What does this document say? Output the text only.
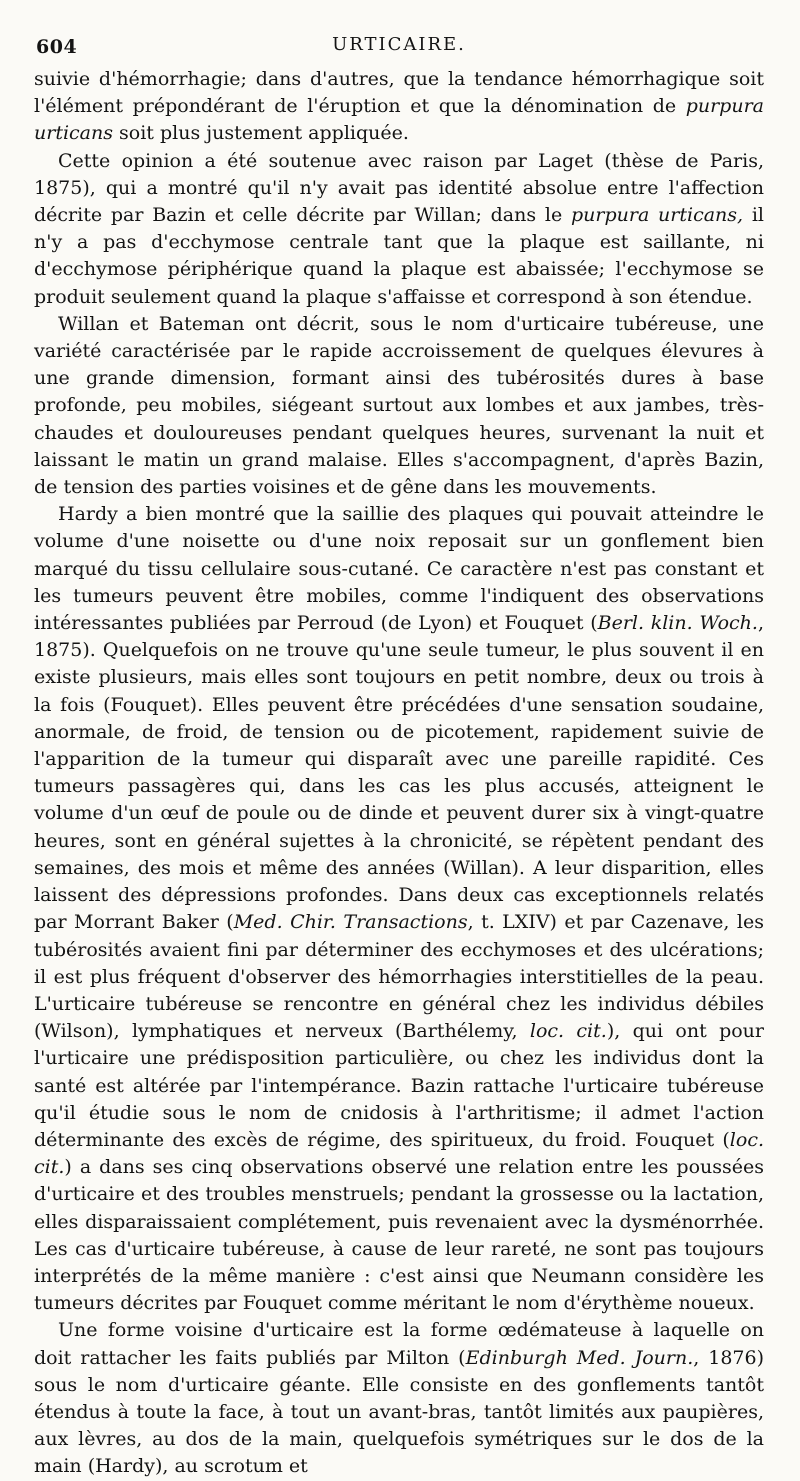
604	URTICAIRE.

suivie d'hémorrhagie; dans d'autres, que la tendance hémorrhagique soit l'élément prépondérant de l'éruption et que la dénomination de purpura urticans soit plus justement appliquée.

Cette opinion a été soutenue avec raison par Laget (thèse de Paris, 1875), qui a montré qu'il n'y avait pas identité absolue entre l'affection décrite par Bazin et celle décrite par Willan; dans le purpura urticans, il n'y a pas d'ecchymose centrale tant que la plaque est saillante, ni d'ecchymose périphérique quand la plaque est abaissée; l'ecchymose se produit seulement quand la plaque s'affaisse et correspond à son étendue.

Willan et Bateman ont décrit, sous le nom d'urticaire tubéreuse, une variété caractérisée par le rapide accroissement de quelques élevures à une grande dimension, formant ainsi des tubérosités dures à base profonde, peu mobiles, siégeant surtout aux lombes et aux jambes, très-chaudes et douloureuses pendant quelques heures, survenant la nuit et laissant le matin un grand malaise. Elles s'accompagnent, d'après Bazin, de tension des parties voisines et de gêne dans les mouvements.

Hardy a bien montré que la saillie des plaques qui pouvait atteindre le volume d'une noisette ou d'une noix reposait sur un gonflement bien marqué du tissu cellulaire sous-cutané. Ce caractère n'est pas constant et les tumeurs peuvent être mobiles, comme l'indiquent des observations intéressantes publiées par Perroud (de Lyon) et Fouquet (Berl. klin. Woch., 1875). Quelquefois on ne trouve qu'une seule tumeur, le plus souvent il en existe plusieurs, mais elles sont toujours en petit nombre, deux ou trois à la fois (Fouquet). Elles peuvent être précédées d'une sensation soudaine, anormale, de froid, de tension ou de picotement, rapidement suivie de l'apparition de la tumeur qui disparaît avec une pareille rapidité. Ces tumeurs passagères qui, dans les cas les plus accusés, atteignent le volume d'un œuf de poule ou de dinde et peuvent durer six à vingt-quatre heures, sont en général sujettes à la chronicité, se répètent pendant des semaines, des mois et même des années (Willan). A leur disparition, elles laissent des dépressions profondes. Dans deux cas exceptionnels relatés par Morrant Baker (Med. Chir. Transactions, t. LXIV) et par Cazenave, les tubérosités avaient fini par déterminer des ecchymoses et des ulcérations; il est plus fréquent d'observer des hémorrhagies interstitielles de la peau. L'urticaire tubéreuse se rencontre en général chez les individus débiles (Wilson), lymphatiques et nerveux (Barthélemy, loc. cit.), qui ont pour l'urticaire une prédisposition particulière, ou chez les individus dont la santé est altérée par l'intempérance. Bazin rattache l'urticaire tubéreuse qu'il étudie sous le nom de cnidosis à l'arthritisme; il admet l'action déterminante des excès de régime, des spiritueux, du froid. Fouquet (loc. cit.) a dans ses cinq observations observé une relation entre les poussées d'urticaire et des troubles menstruels; pendant la grossesse ou la lactation, elles disparaissaient complétement, puis revenaient avec la dysménorrhée. Les cas d'urticaire tubéreuse, à cause de leur rareté, ne sont pas toujours interprétés de la même manière : c'est ainsi que Neumann considère les tumeurs décrites par Fouquet comme méritant le nom d'érythème noueux.

Une forme voisine d'urticaire est la forme œdémateuse à laquelle on doit rattacher les faits publiés par Milton (Edinburgh Med. Journ., 1876) sous le nom d'urticaire géante. Elle consiste en des gonflements tantôt étendus à toute la face, à tout un avant-bras, tantôt limités aux paupières, aux lèvres, au dos de la main, quelquefois symétriques sur le dos de la main (Hardy), au scrotum et
